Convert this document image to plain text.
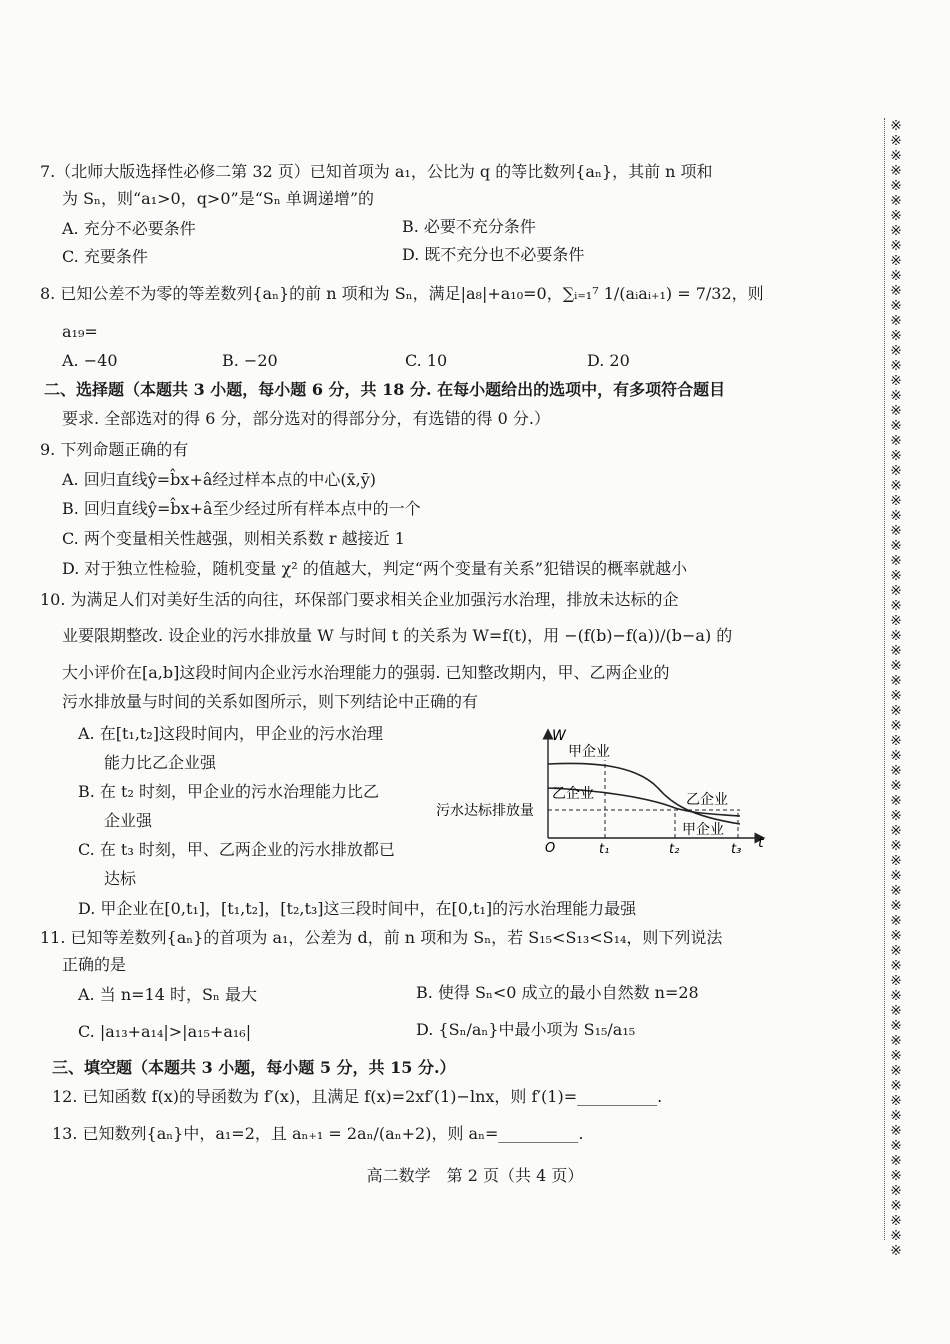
7.（北师大版选择性必修二第 32 页）已知首项为 a₁，公比为 q 的等比数列{aₙ}，其前 n 项和
为 Sₙ，则“a₁>0，q>0”是“Sₙ 单调递增”的
A. 充分不必要条件	B. 必要不充分条件
C. 充要条件	D. 既不充分也不必要条件
8. 已知公差不为零的等差数列{aₙ}的前 n 项和为 Sₙ，满足|a₈|+a₁₀=0，∑ᵢ₌₁⁷ 1/(aᵢaᵢ₊₁) = 7/32，则
a₁₉=
A. −40	B. −20	C. 10	D. 20
二、选择题（本题共 3 小题，每小题 6 分，共 18 分. 在每小题给出的选项中，有多项符合题目
要求. 全部选对的得 6 分，部分选对的得部分分，有选错的得 0 分.）
9. 下列命题正确的有
A. 回归直线ŷ=b̂x+â经过样本点的中心(x̄,ȳ)
B. 回归直线ŷ=b̂x+â至少经过所有样本点中的一个
C. 两个变量相关性越强，则相关系数 r 越接近 1
D. 对于独立性检验，随机变量 χ² 的值越大，判定“两个变量有关系”犯错误的概率就越小
10. 为满足人们对美好生活的向往，环保部门要求相关企业加强污水治理，排放未达标的企
业要限期整改. 设企业的污水排放量 W 与时间 t 的关系为 W=f(t)，用 −(f(b)−f(a))/(b−a) 的
大小评价在[a,b]这段时间内企业污水治理能力的强弱. 已知整改期内，甲、乙两企业的
污水排放量与时间的关系如图所示，则下列结论中正确的有
A. 在[t₁,t₂]这段时间内，甲企业的污水治理
能力比乙企业强
B. 在 t₂ 时刻，甲企业的污水治理能力比乙
企业强
C. 在 t₃ 时刻，甲、乙两企业的污水排放都已
达标
D. 甲企业在[0,t₁]，[t₁,t₂]，[t₂,t₃]这三段时间中，在[0,t₁]的污水治理能力最强
W
t
O	t₁	t₂	t₃
甲企业
乙企业	乙企业
甲企业
污水达标排放量
11. 已知等差数列{aₙ}的首项为 a₁，公差为 d，前 n 项和为 Sₙ，若 S₁₅<S₁₃<S₁₄，则下列说法
正确的是
A. 当 n=14 时，Sₙ 最大	B. 使得 Sₙ<0 成立的最小自然数 n=28
C. |a₁₃+a₁₄|>|a₁₅+a₁₆|	D. {Sₙ/aₙ}中最小项为 S₁₅/a₁₅
三、填空题（本题共 3 小题，每小题 5 分，共 15 分.）
12. 已知函数 f(x)的导函数为 f′(x)，且满足 f(x)=2xf′(1)−lnx，则 f′(1)=__________.
13. 已知数列{aₙ}中，a₁=2，且 aₙ₊₁ = 2aₙ/(aₙ+2)，则 aₙ=__________.
高二数学　第 2 页（共 4 页）	※※※※※※※※※※※※※※※※※※※※※※※※※※※※※※※※※※※※※※※※※※※※※※※※※※※※※※※※※※※※※※※※※※※※※※※※※※※※
